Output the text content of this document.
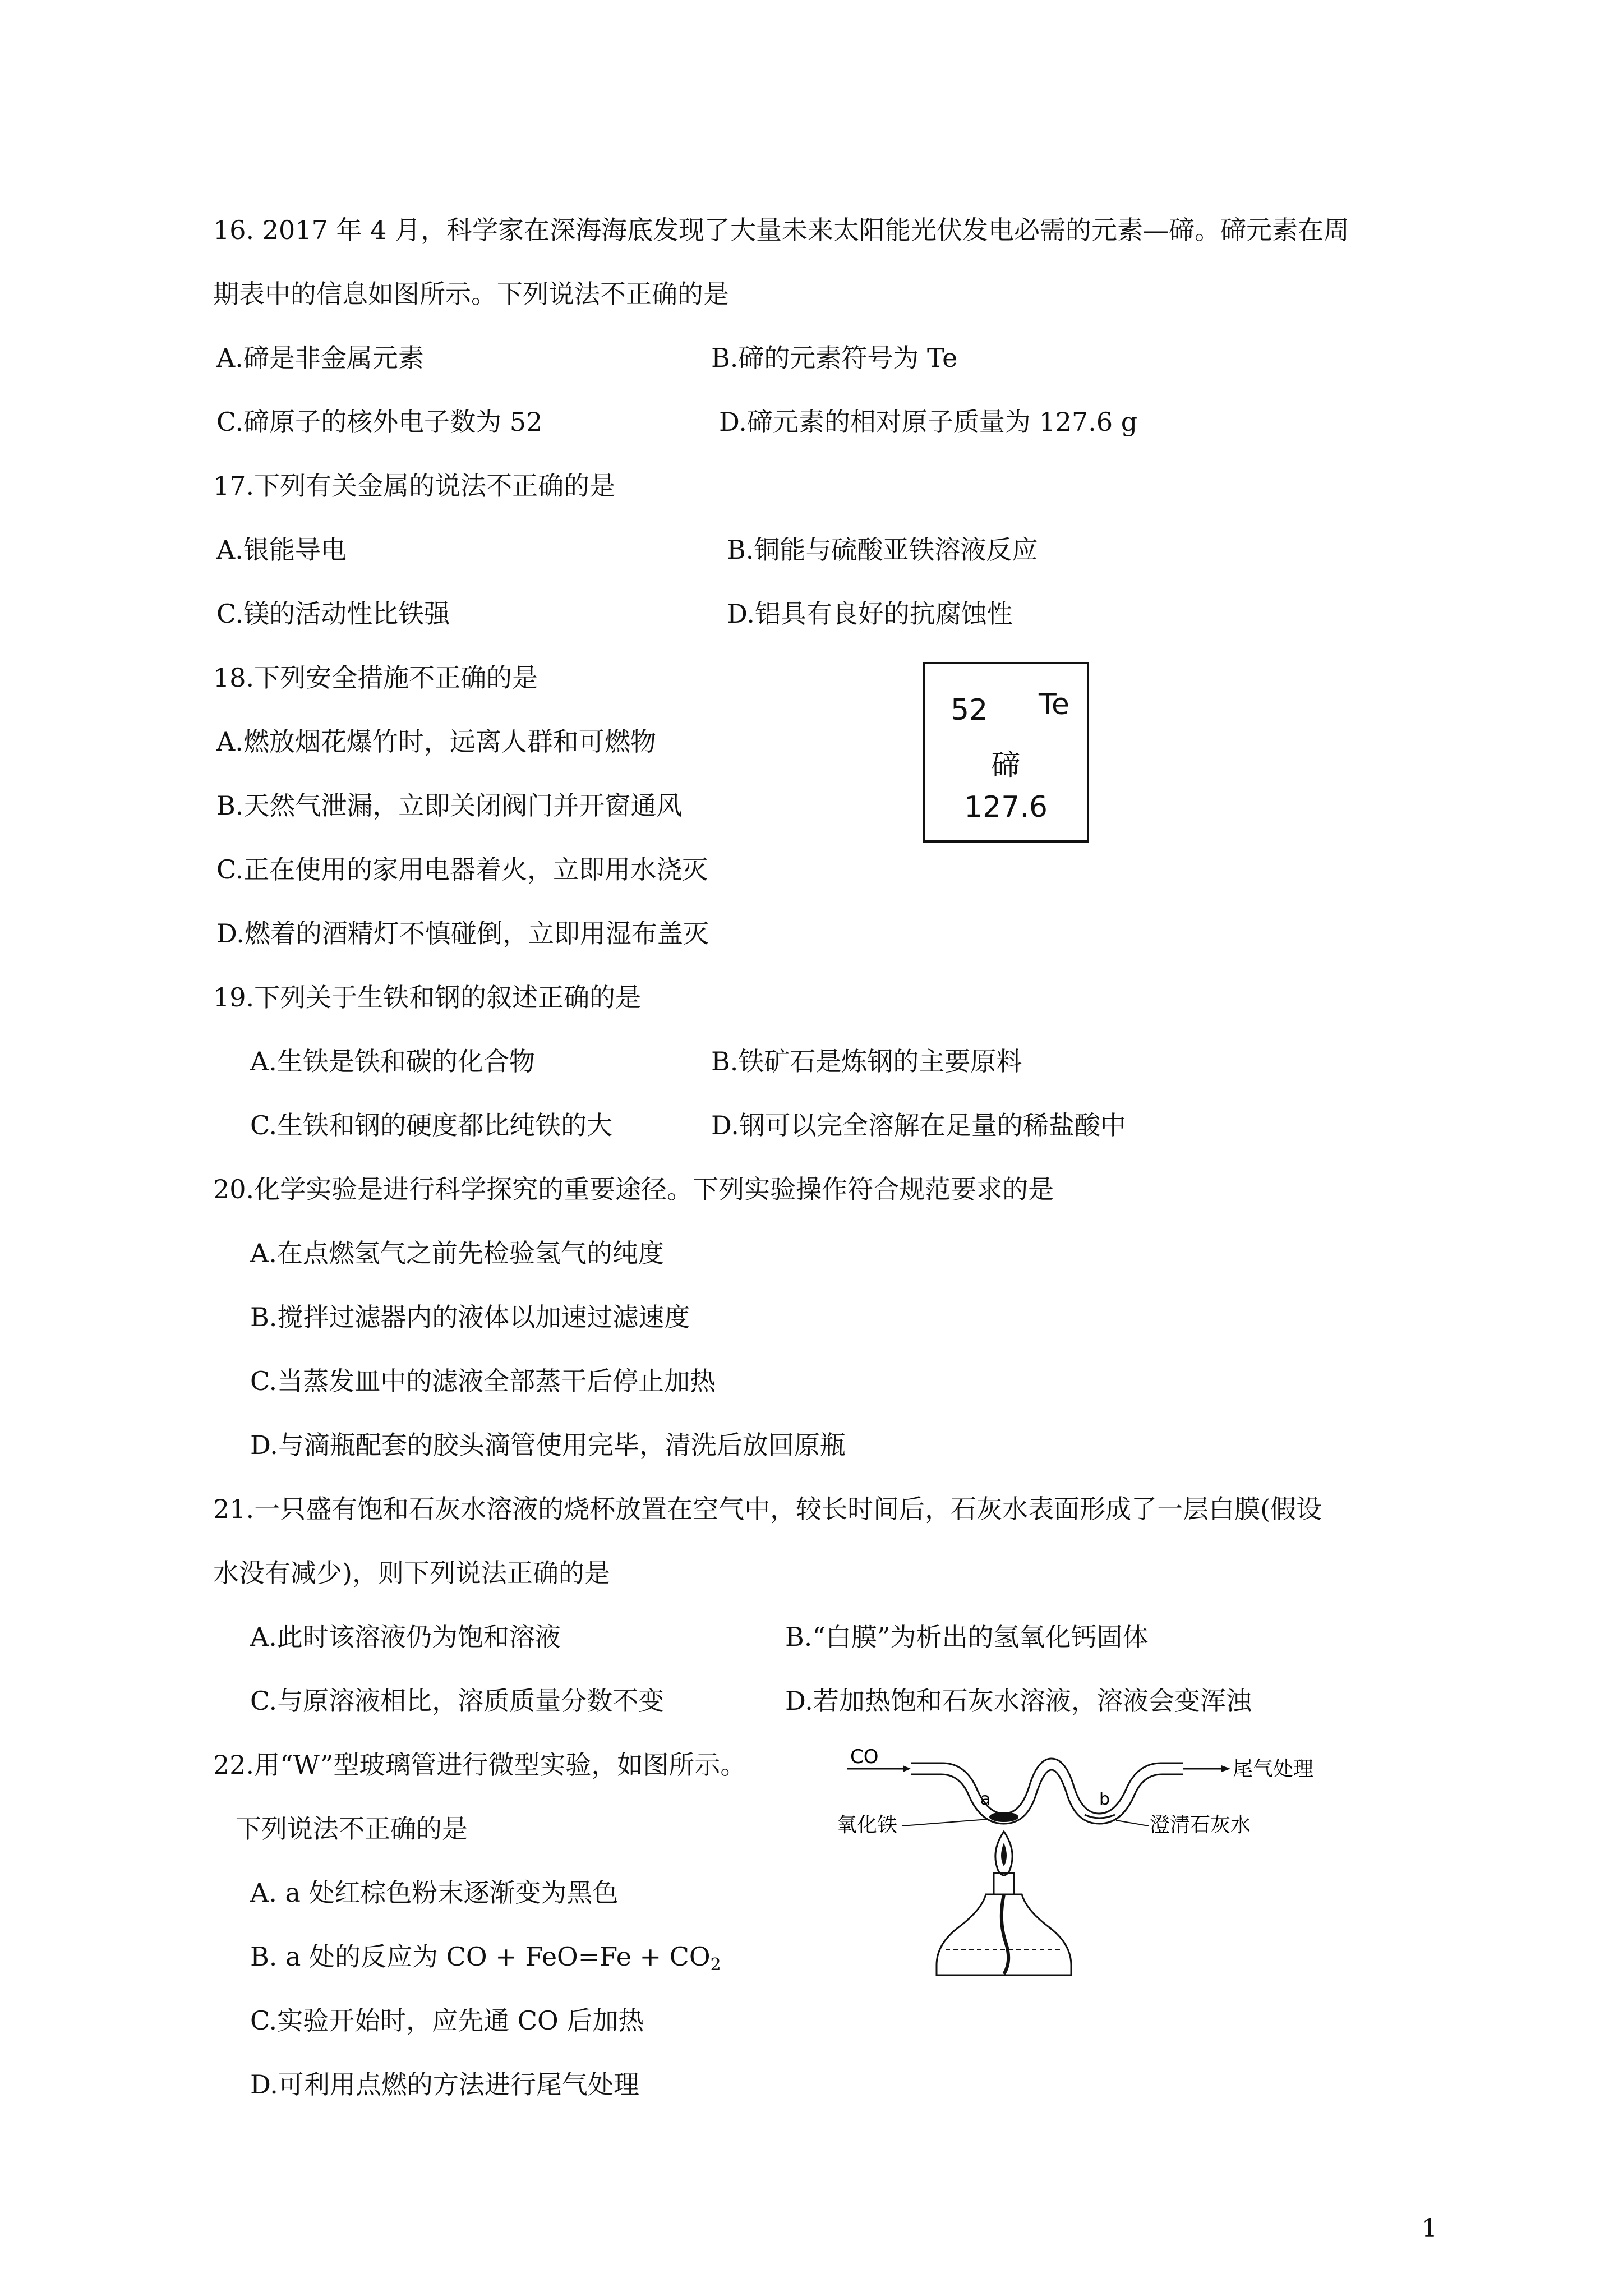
16. 2017 年 4 月，科学家在深海海底发现了大量未来太阳能光伏发电必需的元素—碲。碲元素在周
期表中的信息如图所示。下列说法不正确的是
A.碲是非金属元素	B.碲的元素符号为 Te
C.碲原子的核外电子数为 52	D.碲元素的相对原子质量为 127.6 g
17.下列有关金属的说法不正确的是
A.银能导电	B.铜能与硫酸亚铁溶液反应
C.镁的活动性比铁强	D.铝具有良好的抗腐蚀性
18.下列安全措施不正确的是
A.燃放烟花爆竹时，远离人群和可燃物
B.天然气泄漏，立即关闭阀门并开窗通风
C.正在使用的家用电器着火，立即用水浇灭
D.燃着的酒精灯不慎碰倒，立即用湿布盖灭
52 Te
碲
127.6
19.下列关于生铁和钢的叙述正确的是
A.生铁是铁和碳的化合物	B.铁矿石是炼钢的主要原料
C.生铁和钢的硬度都比纯铁的大	D.钢可以完全溶解在足量的稀盐酸中
20.化学实验是进行科学探究的重要途径。下列实验操作符合规范要求的是
A.在点燃氢气之前先检验氢气的纯度
B.搅拌过滤器内的液体以加速过滤速度
C.当蒸发皿中的滤液全部蒸干后停止加热
D.与滴瓶配套的胶头滴管使用完毕，清洗后放回原瓶
21.一只盛有饱和石灰水溶液的烧杯放置在空气中，较长时间后，石灰水表面形成了一层白膜(假设
水没有减少)，则下列说法正确的是
A.此时该溶液仍为饱和溶液	B.“白膜”为析出的氢氧化钙固体
C.与原溶液相比，溶质质量分数不变	D.若加热饱和石灰水溶液，溶液会变浑浊
22.用“W”型玻璃管进行微型实验，如图所示。
下列说法不正确的是
A. a 处红棕色粉末逐渐变为黑色
B. a 处的反应为 CO + $FeO=Fe + CO_2$
C.实验开始时，应先通 CO 后加热
D.可利用点燃的方法进行尾气处理
CO
a	b
尾气处理
氧化铁	澄清石灰水
1
